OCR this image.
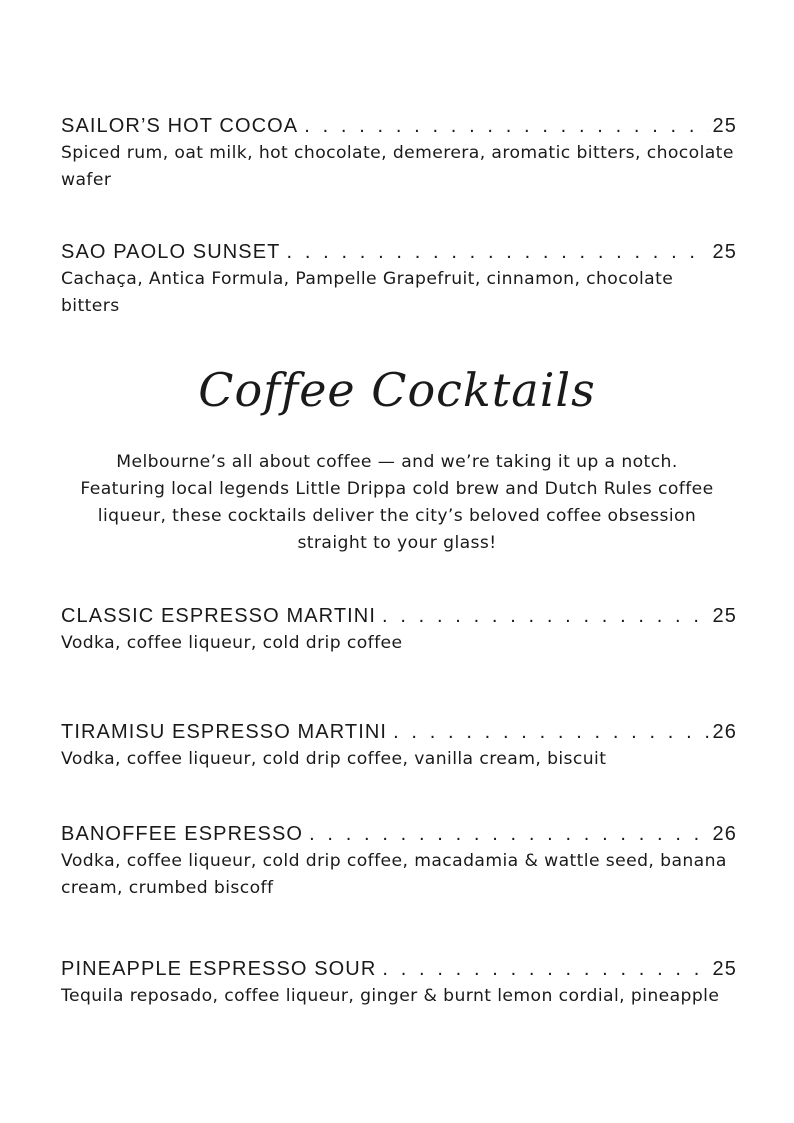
SAILOR’S HOT COCOA . . .	25
Spiced rum, oat milk, hot chocolate, demerera, aromatic bitters, chocolate wafer
SAO PAOLO SUNSET . . .	25
Cachaça, Antica Formula, Pampelle Grapefruit, cinnamon, chocolate bitters
Coffee Cocktails
Melbourne’s all about coffee — and we’re taking it up a notch. Featuring local legends Little Drippa cold brew and Dutch Rules coffee liqueur, these cocktails deliver the city’s beloved coffee obsession straight to your glass!
CLASSIC ESPRESSO MARTINI . . .	25
Vodka, coffee liqueur, cold drip coffee
TIRAMISU ESPRESSO MARTINI . . .	26
Vodka, coffee liqueur, cold drip coffee, vanilla cream, biscuit
BANOFFEE ESPRESSO . . .	26
Vodka, coffee liqueur, cold drip coffee, macadamia & wattle seed, banana cream, crumbed biscoff
PINEAPPLE ESPRESSO SOUR . . .	25
Tequila reposado, coffee liqueur, ginger & burnt lemon cordial, pineapple
